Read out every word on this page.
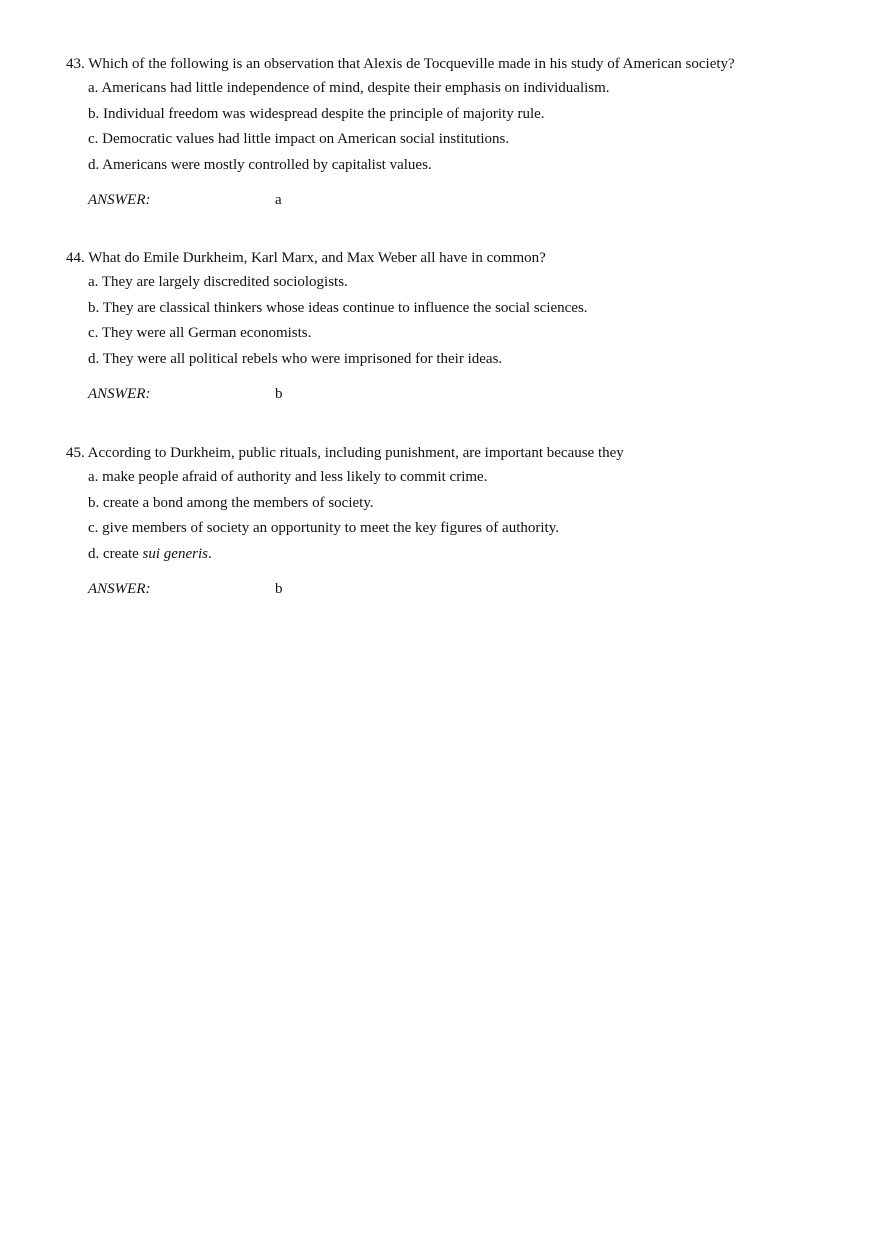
43. Which of the following is an observation that Alexis de Tocqueville made in his study of American society?
a. Americans had little independence of mind, despite their emphasis on individualism.
b. Individual freedom was widespread despite the principle of majority rule.
c. Democratic values had little impact on American social institutions.
d. Americans were mostly controlled by capitalist values.
ANSWER:	a
44. What do Emile Durkheim, Karl Marx, and Max Weber all have in common?
a. They are largely discredited sociologists.
b. They are classical thinkers whose ideas continue to influence the social sciences.
c. They were all German economists.
d. They were all political rebels who were imprisoned for their ideas.
ANSWER:	b
45. According to Durkheim, public rituals, including punishment, are important because they
a. make people afraid of authority and less likely to commit crime.
b. create a bond among the members of society.
c. give members of society an opportunity to meet the key figures of authority.
d. create sui generis.
ANSWER:	b
